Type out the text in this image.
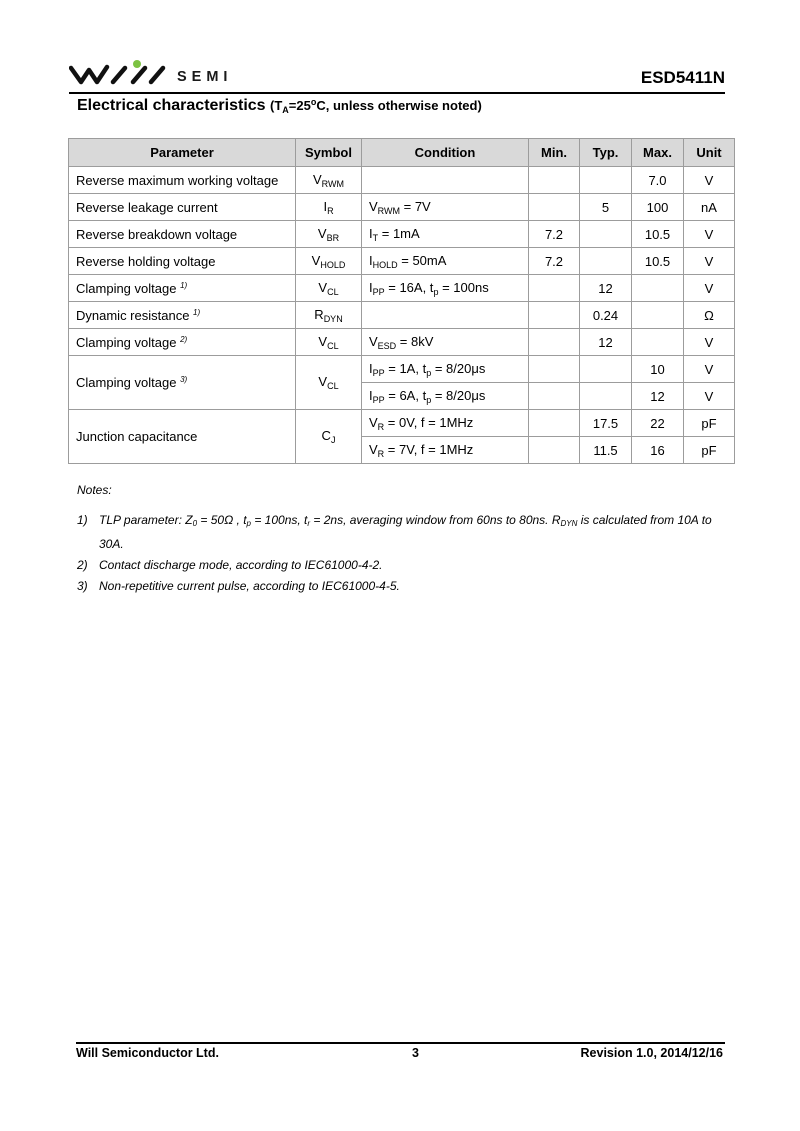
SEMI	ESD5411N
Electrical characteristics ($T_A=25^oC$, unless otherwise noted)
Parameter	Symbol	Condition	Min.	Typ.	Max.	Unit
Reverse maximum working voltage	$V_{RWM}$				7.0	V
Reverse leakage current	$I_R$	$V_{RWM} = 7V$		5	100	nA
Reverse breakdown voltage	$V_{BR}$	$I_T = 1mA$	7.2		10.5	V
Reverse holding voltage	$V_{HOLD}$	$I_{HOLD} = 50mA$	7.2		10.5	V
Clamping voltage $^{1)}$	$V_{CL}$	$I_{PP} = 16A$, $t_p = 100ns$		12		V
Dynamic resistance $^{1)}$	$R_{DYN}$			0.24		Ω
Clamping voltage $^{2)}$	$V_{CL}$	$V_{ESD} = 8kV$		12		V
Clamping voltage $^{3)}$	$V_{CL}$	$I_{PP} = 1A$, $t_p = 8/20\mu s$			10	V
		$I_{PP} = 6A$, $t_p = 8/20\mu s$			12	V
Junction capacitance	$C_J$	$V_R = 0V$, f = 1MHz		17.5	22	pF
		$V_R = 7V$, f = 1MHz		11.5	16	pF
Notes:
1) TLP parameter: $Z_0 = 50\Omega$ , $t_p = 100ns$, $t_r = 2ns$, averaging window from 60ns to 80ns. $R_{DYN}$ is calculated from 10A to 30A.
2) Contact discharge mode, according to IEC61000-4-2.
3) Non-repetitive current pulse, according to IEC61000-4-5.
Will Semiconductor Ltd.	3	Revision 1.0, 2014/12/16
